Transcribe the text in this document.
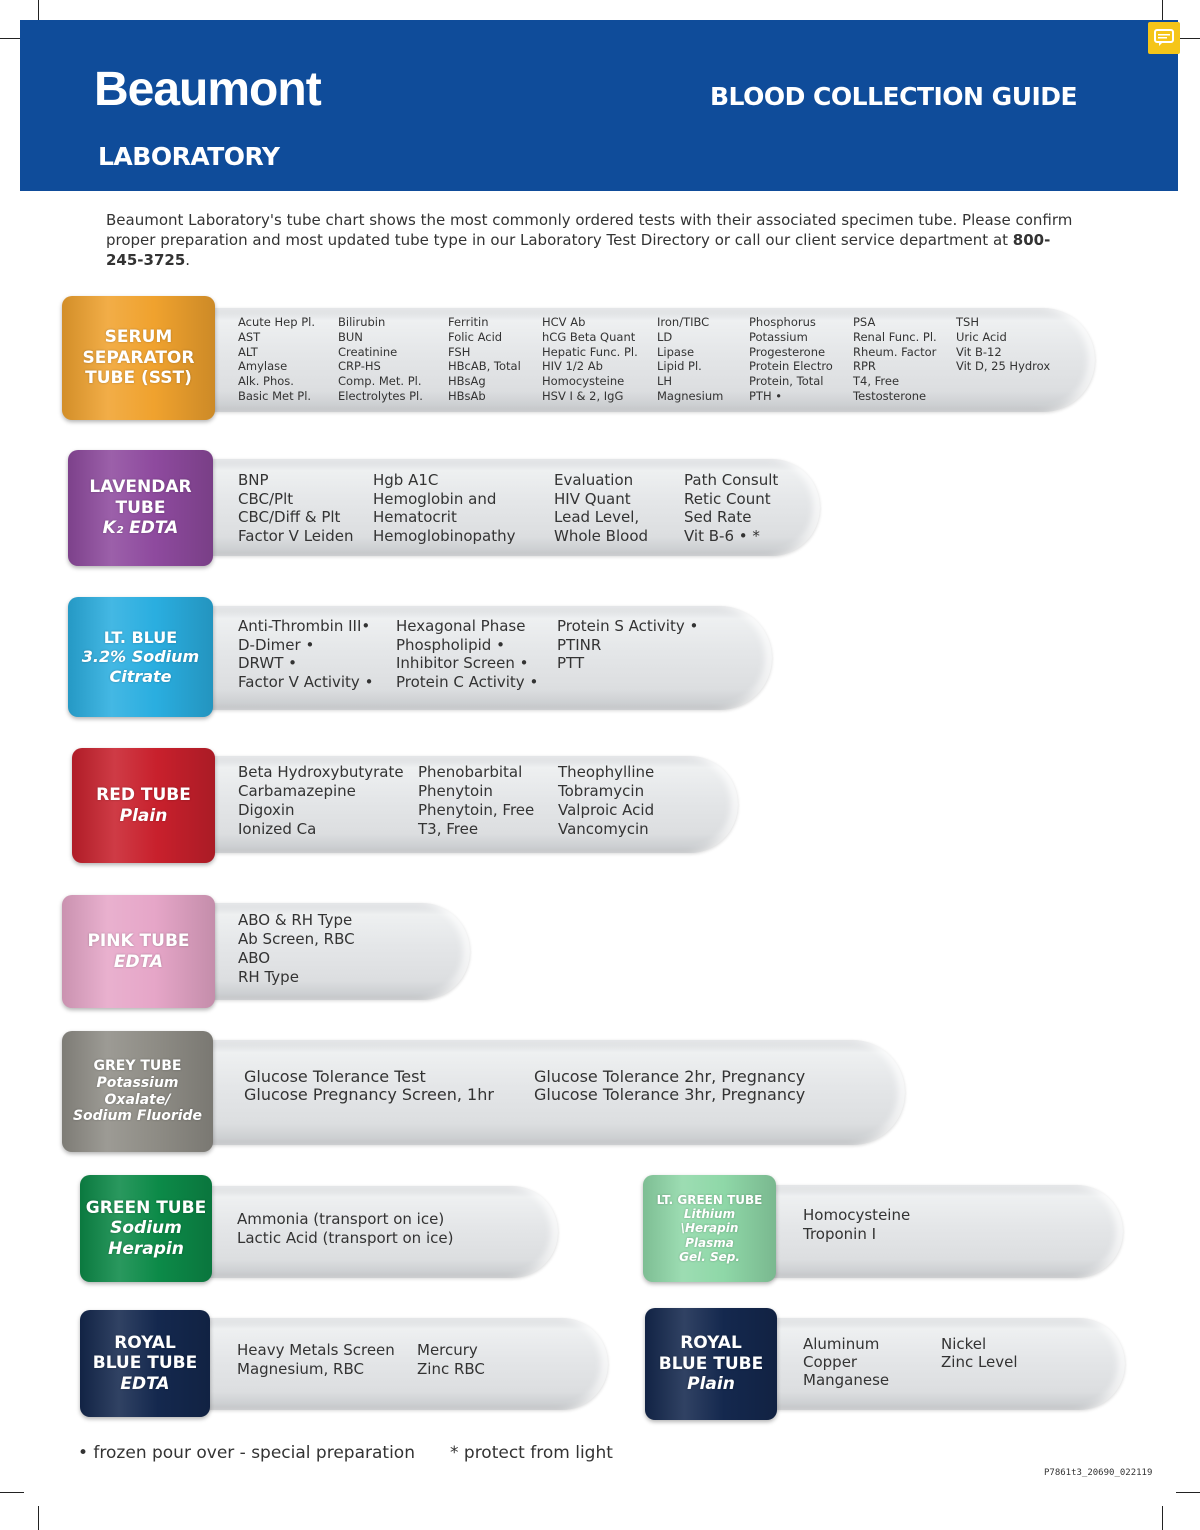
Beaumont
LABORATORY
BLOOD COLLECTION GUIDE
Beaumont Laboratory's tube chart shows the most commonly ordered tests with their associated specimen tube. Please confirm proper preparation and most updated tube type in our Laboratory Test Directory or call our client service department at 800-245-3725.
SERUM
SEPARATOR
TUBE (SST)
Acute Hep Pl.
AST
ALT
Amylase
Alk. Phos.
Basic Met Pl.
Bilirubin
BUN
Creatinine
CRP-HS
Comp. Met. Pl.
Electrolytes Pl.
Ferritin
Folic Acid
FSH
HBcAB, Total
HBsAg
HBsAb
HCV Ab
hCG Beta Quant
Hepatic Func. Pl.
HIV 1/2 Ab
Homocysteine
HSV I & 2, IgG
Iron/TIBC
LD
Lipase
Lipid Pl.
LH
Magnesium
Phosphorus
Potassium
Progesterone
Protein Electro
Protein, Total
PTH •
PSA
Renal Func. Pl.
Rheum. Factor
RPR
T4, Free
Testosterone
TSH
Uric Acid
Vit B-12
Vit D, 25 Hydrox
LAVENDAR
TUBE
K₂ EDTA
BNP
CBC/Plt
CBC/Diff & Plt
Factor V Leiden
Hgb A1C
Hemoglobin and
Hematocrit
Hemoglobinopathy
Evaluation
HIV Quant
Lead Level,
Whole Blood
Path Consult
Retic Count
Sed Rate
Vit B-6 • *
LT. BLUE
3.2% Sodium
Citrate
Anti-Thrombin III•
D-Dimer •
DRWT •
Factor V Activity •
Hexagonal Phase
Phospholipid •
Inhibitor Screen •
Protein C Activity •
Protein S Activity •
PTINR
PTT
RED TUBE
Plain
Beta Hydroxybutyrate
Carbamazepine
Digoxin
Ionized Ca
Phenobarbital
Phenytoin
Phenytoin, Free
T3, Free
Theophylline
Tobramycin
Valproic Acid
Vancomycin
PINK TUBE
EDTA
ABO & RH Type
Ab Screen, RBC
ABO
RH Type
GREY TUBE
Potassium
Oxalate/
Sodium Fluoride
Glucose Tolerance Test
Glucose Pregnancy Screen, 1hr
Glucose Tolerance 2hr, Pregnancy
Glucose Tolerance 3hr, Pregnancy
GREEN TUBE
Sodium
Herapin
Ammonia (transport on ice)
Lactic Acid (transport on ice)
LT. GREEN TUBE
Lithium
\Herapin
Plasma
Gel. Sep.
Homocysteine
Troponin I
ROYAL
BLUE TUBE
EDTA
Heavy Metals Screen
Magnesium, RBC
Mercury
Zinc RBC
ROYAL
BLUE TUBE
Plain
Aluminum
Copper
Manganese
Nickel
Zinc Level
• frozen pour over - special preparation * protect from light
P7861t3_20690_022119
